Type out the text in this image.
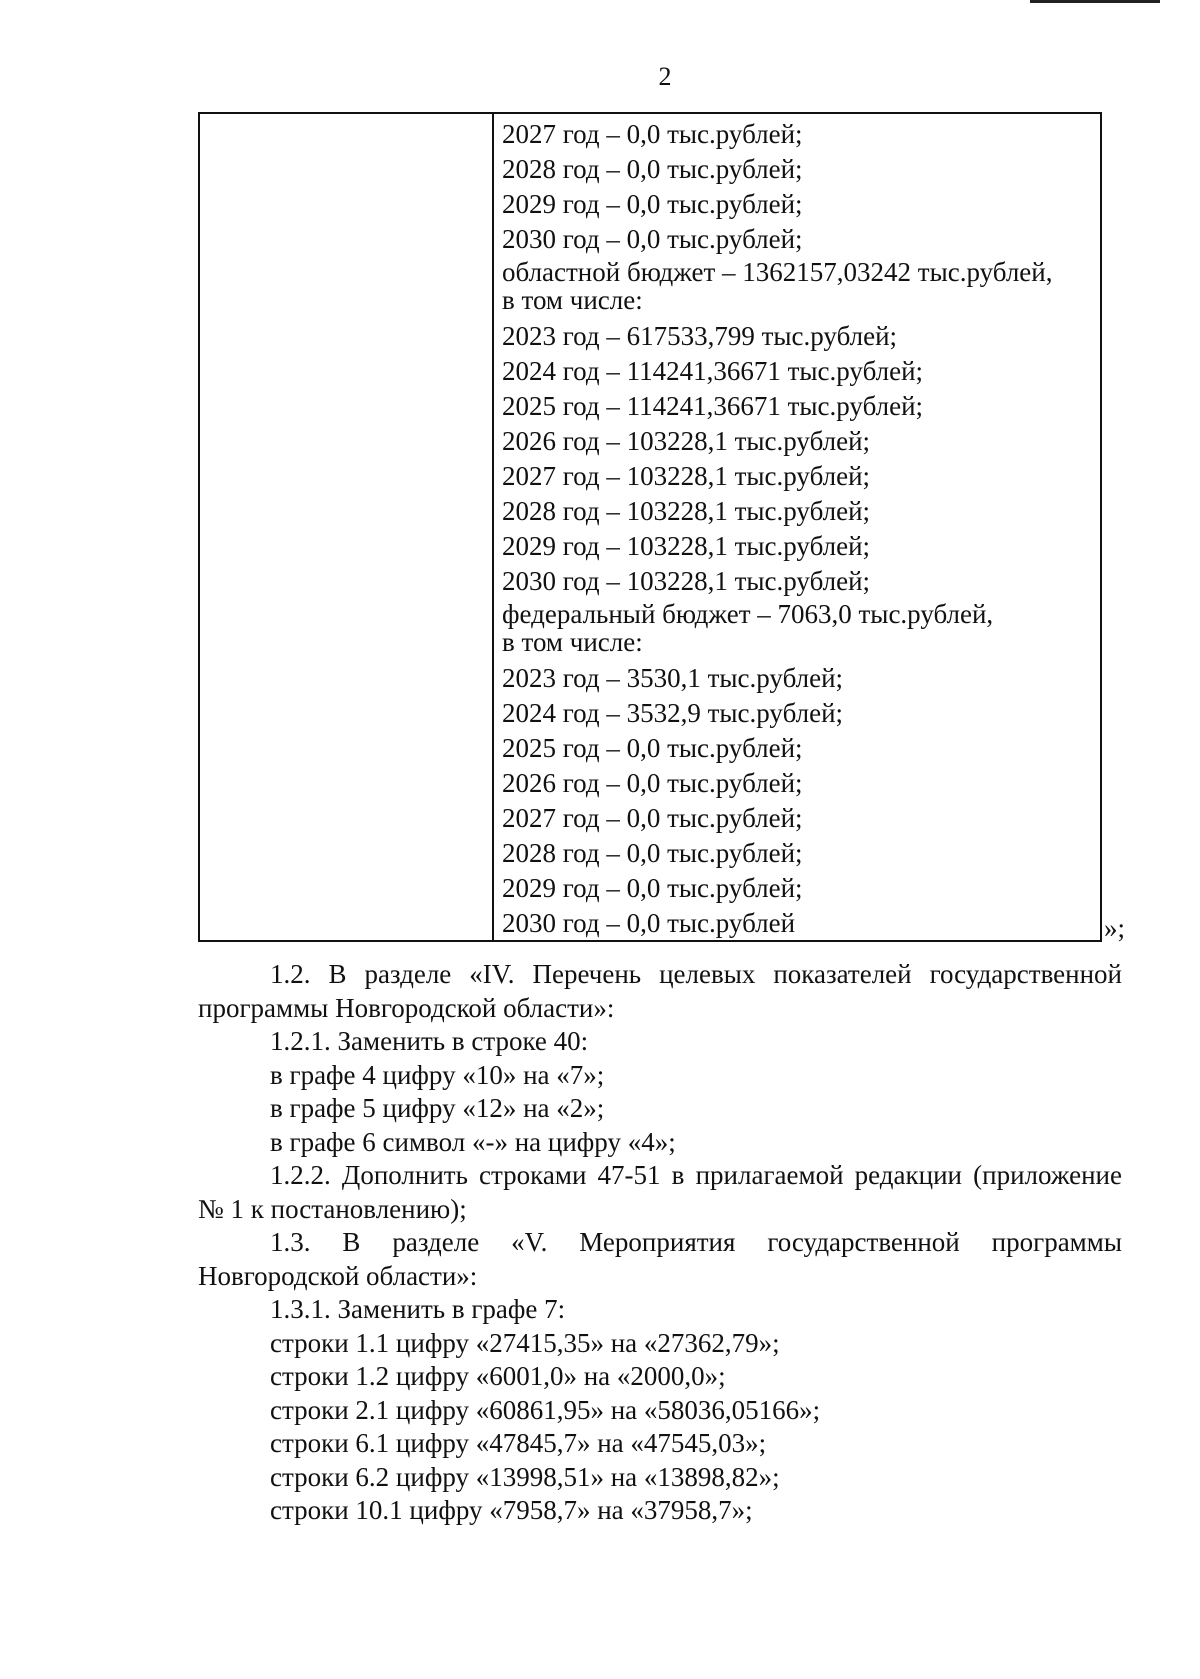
2
2027 год – 0,0 тыс.рублей;
2028 год – 0,0 тыс.рублей;
2029 год – 0,0 тыс.рублей;
2030 год – 0,0 тыс.рублей;
областной бюджет – 1362157,03242 тыс.рублей,
в том числе:
2023 год – 617533,799 тыс.рублей;
2024 год – 114241,36671 тыс.рублей;
2025 год – 114241,36671 тыс.рублей;
2026 год – 103228,1 тыс.рублей;
2027 год – 103228,1 тыс.рублей;
2028 год – 103228,1 тыс.рублей;
2029 год – 103228,1 тыс.рублей;
2030 год – 103228,1 тыс.рублей;
федеральный бюджет – 7063,0 тыс.рублей,
в том числе:
2023 год – 3530,1 тыс.рублей;
2024 год – 3532,9 тыс.рублей;
2025 год – 0,0 тыс.рублей;
2026 год – 0,0 тыс.рублей;
2027 год – 0,0 тыс.рублей;
2028 год – 0,0 тыс.рублей;
2029 год – 0,0 тыс.рублей;
2030 год – 0,0 тыс.рублей	»;

1.2. В разделе «IV. Перечень целевых показателей государственной программы Новгородской области»:

1.2.1. Заменить в строке 40:

в графе 4 цифру «10» на «7»;

в графе 5 цифру «12» на «2»;

в графе 6 символ «-» на цифру «4»;

1.2.2. Дополнить строками 47-51 в прилагаемой редакции (приложение № 1 к постановлению);

1.3. В разделе «V. Мероприятия государственной программы Новгородской области»:

1.3.1. Заменить в графе 7:

строки 1.1 цифру «27415,35» на «27362,79»;

строки 1.2 цифру «6001,0» на «2000,0»;

строки 2.1 цифру «60861,95» на «58036,05166»;

строки 6.1 цифру «47845,7» на «47545,03»;

строки 6.2 цифру «13998,51» на «13898,82»;

строки 10.1 цифру «7958,7» на «37958,7»;
